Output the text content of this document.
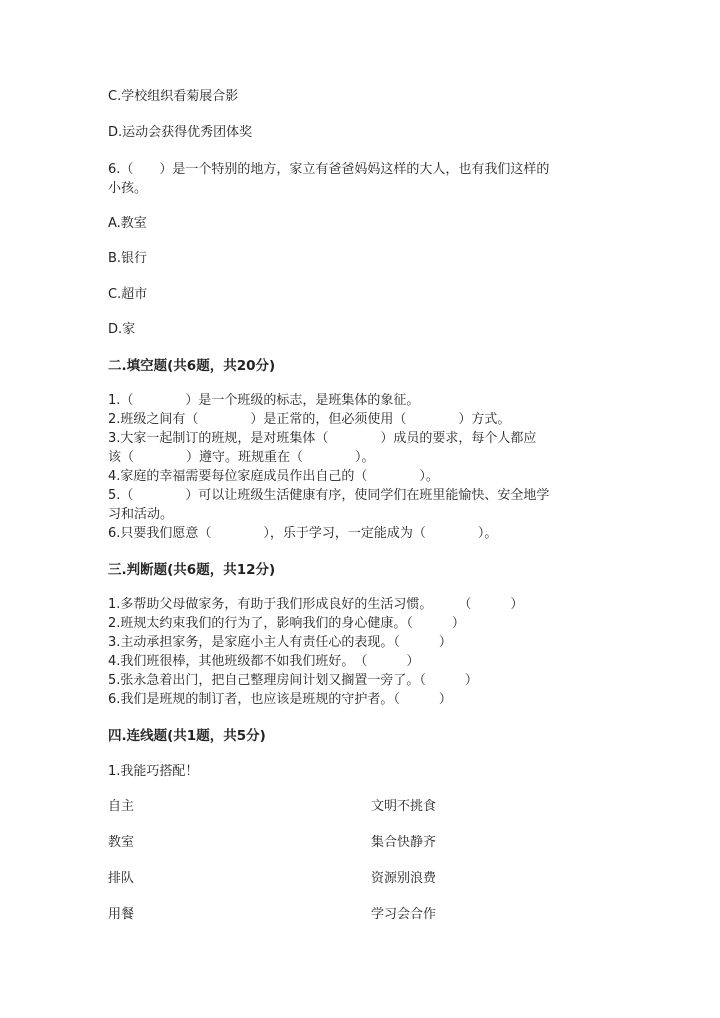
C.学校组织看菊展合影
D.运动会获得优秀团体奖
6.（　　）是一个特别的地方，家立有爸爸妈妈这样的大人，也有我们这样的
小孩。
A.教室
B.银行
C.超市
D.家
二.填空题(共6题，共20分)
1.（　　　　）是一个班级的标志，是班集体的象征。
2.班级之间有（　　　　）是正常的，但必须使用（　　　　）方式。
3.大家一起制订的班规，是对班集体（　　　　）成员的要求，每个人都应
该（　　　　）遵守。班规重在（　　　　）。
4.家庭的幸福需要每位家庭成员作出自己的（　　　　）。
5.（　　　　）可以让班级生活健康有序，使同学们在班里能愉快、安全地学
习和活动。
6.只要我们愿意（　　　　），乐于学习，一定能成为（　　　　）。
三.判断题(共6题，共12分)
1.多帮助父母做家务，有助于我们形成良好的生活习惯。　　　（　　　）
2.班规太约束我们的行为了，影响我们的身心健康。（　　　）
3.主动承担家务，是家庭小主人有责任心的表现。（　　　）
4.我们班很棒，其他班级都不如我们班好。　（　　　）
5.张永急着出门，把自己整理房间计划又搁置一旁了。（　　　）
6.我们是班规的制订者，也应该是班规的守护者。（　　　）
四.连线题(共1题，共5分)
1.我能巧搭配！
自主	文明不挑食
教室	集合快静齐
排队	资源别浪费
用餐	学习会合作
